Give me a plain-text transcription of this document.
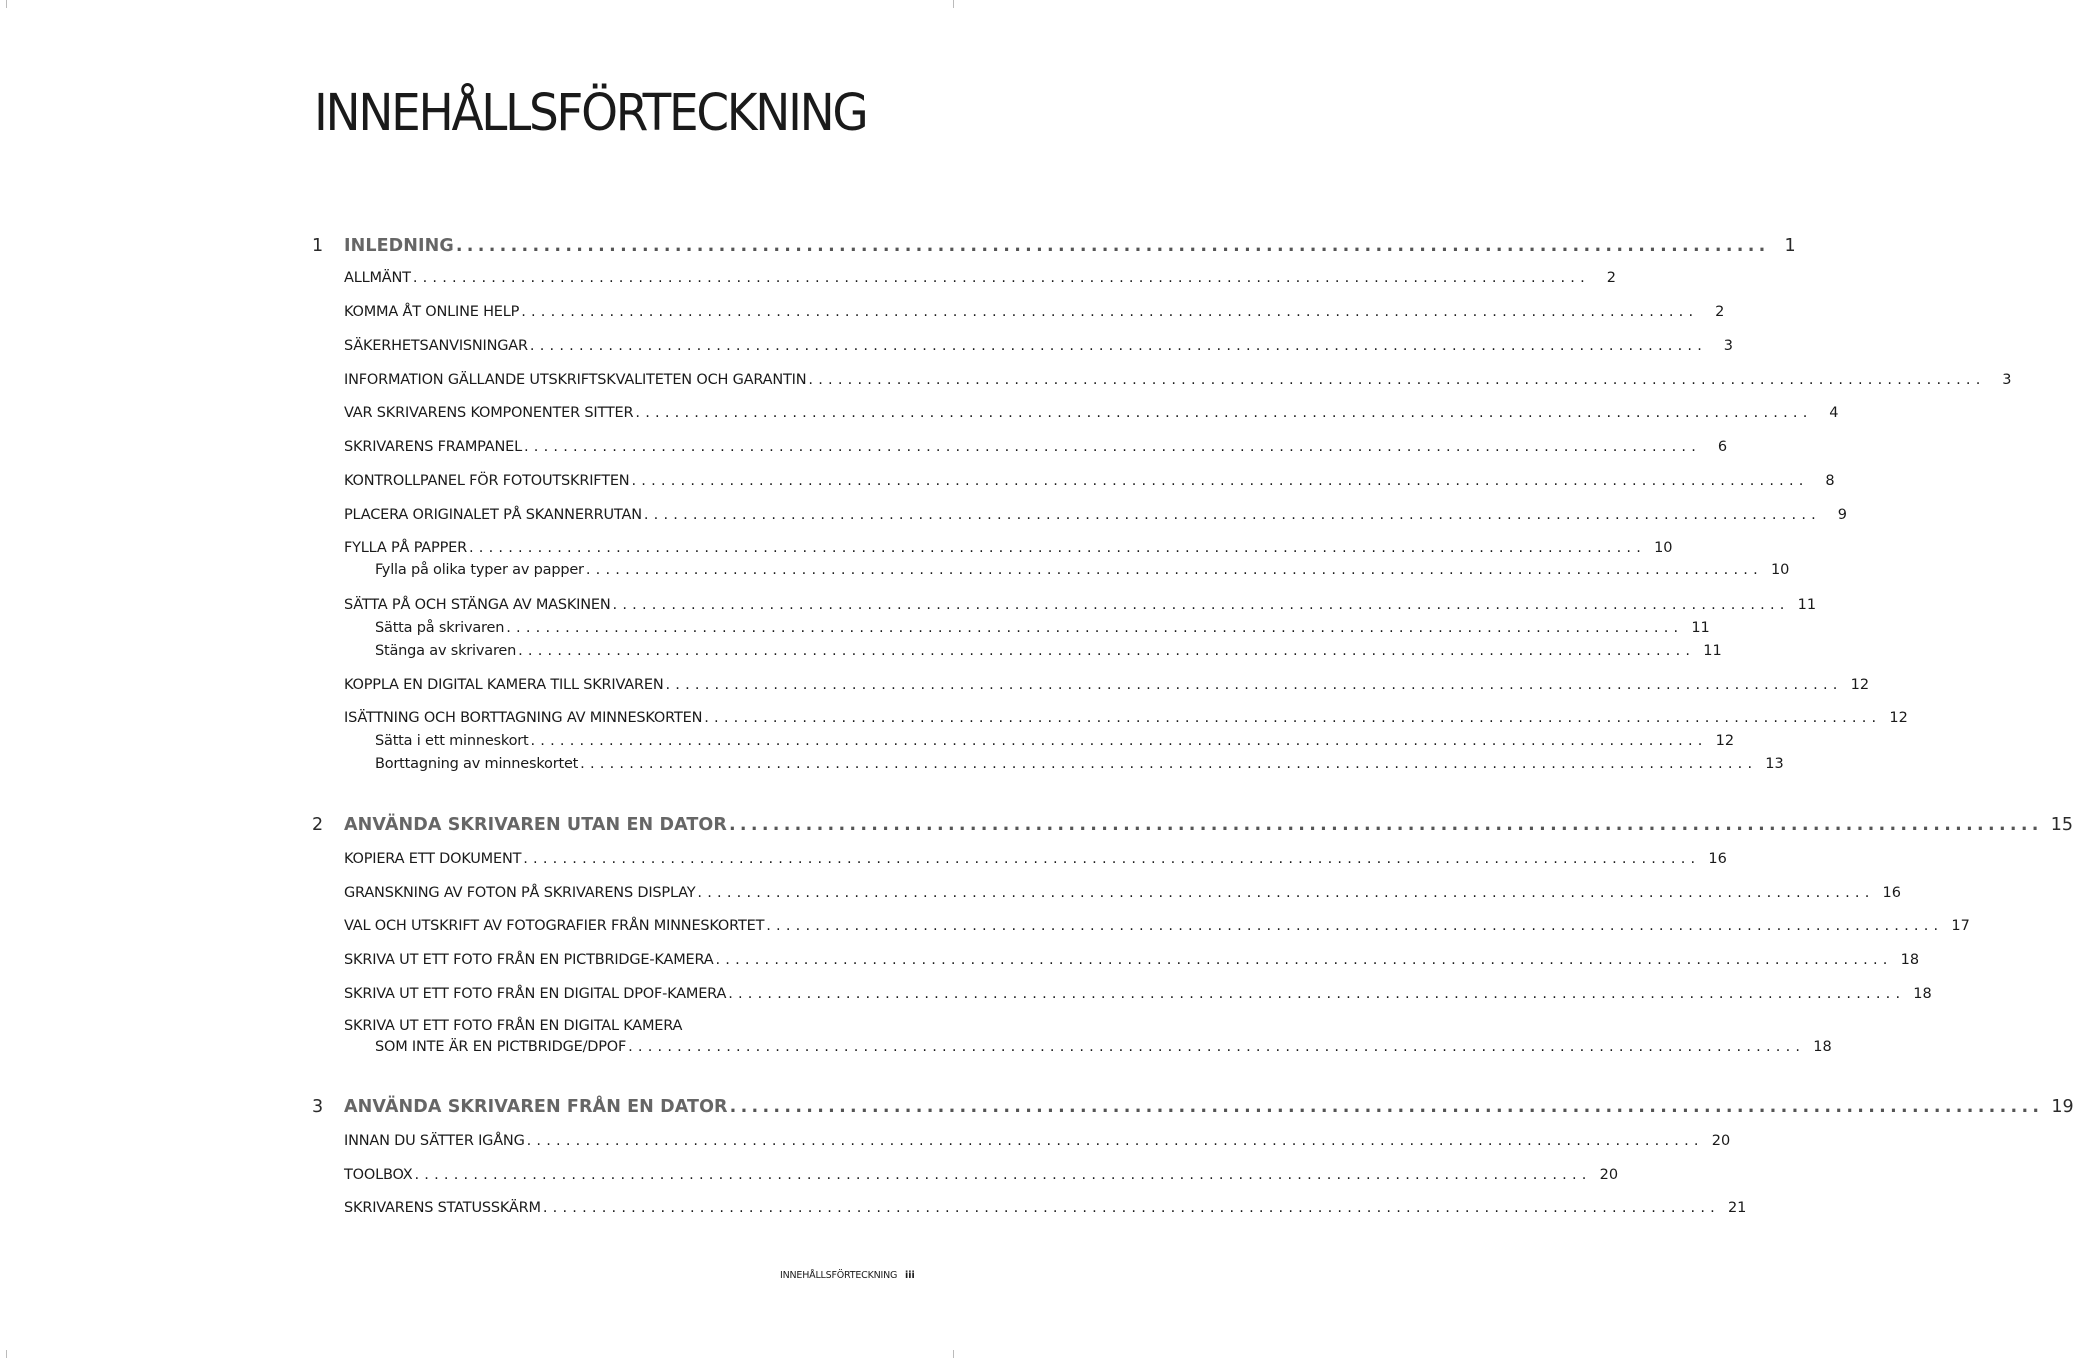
INNEHÅLLSFÖRTECKNING
1	INLEDNING ........................................................................................................................ 1
ALLMÄNT ........................................................................................................................	2
KOMMA ÅT ONLINE HELP ........................................................................................................................	2
SÄKERHETSANVISNINGAR ........................................................................................................................	3
INFORMATION GÄLLANDE UTSKRIFTSKVALITETEN OCH GARANTIN ........................................................................................................................	3
VAR SKRIVARENS KOMPONENTER SITTER ........................................................................................................................	4
SKRIVARENS FRAMPANEL ........................................................................................................................	6
KONTROLLPANEL FÖR FOTOUTSKRIFTEN ........................................................................................................................	8
PLACERA ORIGINALET PÅ SKANNERRUTAN ........................................................................................................................	9
FYLLA PÅ PAPPER ........................................................................................................................ 10
Fylla på olika typer av papper ........................................................................................................................ 10
SÄTTA PÅ OCH STÄNGA AV MASKINEN ........................................................................................................................ 11
Sätta på skrivaren ........................................................................................................................ 11
Stänga av skrivaren ........................................................................................................................ 11
KOPPLA EN DIGITAL KAMERA TILL SKRIVAREN ........................................................................................................................ 12
ISÄTTNING OCH BORTTAGNING AV MINNESKORTEN ........................................................................................................................ 12
Sätta i ett minneskort ........................................................................................................................ 12
Borttagning av minneskortet ........................................................................................................................ 13
2	ANVÄNDA SKRIVAREN UTAN EN DATOR ........................................................................................................................ 15
KOPIERA ETT DOKUMENT ........................................................................................................................ 16
GRANSKNING AV FOTON PÅ SKRIVARENS DISPLAY ........................................................................................................................ 16
VAL OCH UTSKRIFT AV FOTOGRAFIER FRÅN MINNESKORTET ........................................................................................................................ 17
SKRIVA UT ETT FOTO FRÅN EN PICTBRIDGE-KAMERA ........................................................................................................................ 18
SKRIVA UT ETT FOTO FRÅN EN DIGITAL DPOF-KAMERA ........................................................................................................................ 18
SKRIVA UT ETT FOTO FRÅN EN DIGITAL KAMERA
SOM INTE ÄR EN PICTBRIDGE/DPOF ........................................................................................................................ 18
3	ANVÄNDA SKRIVAREN FRÅN EN DATOR ........................................................................................................................ 19
INNAN DU SÄTTER IGÅNG ........................................................................................................................ 20
TOOLBOX ........................................................................................................................ 20
SKRIVARENS STATUSSKÄRM ........................................................................................................................ 21
INNEHÅLLSFÖRTECKNING iii
